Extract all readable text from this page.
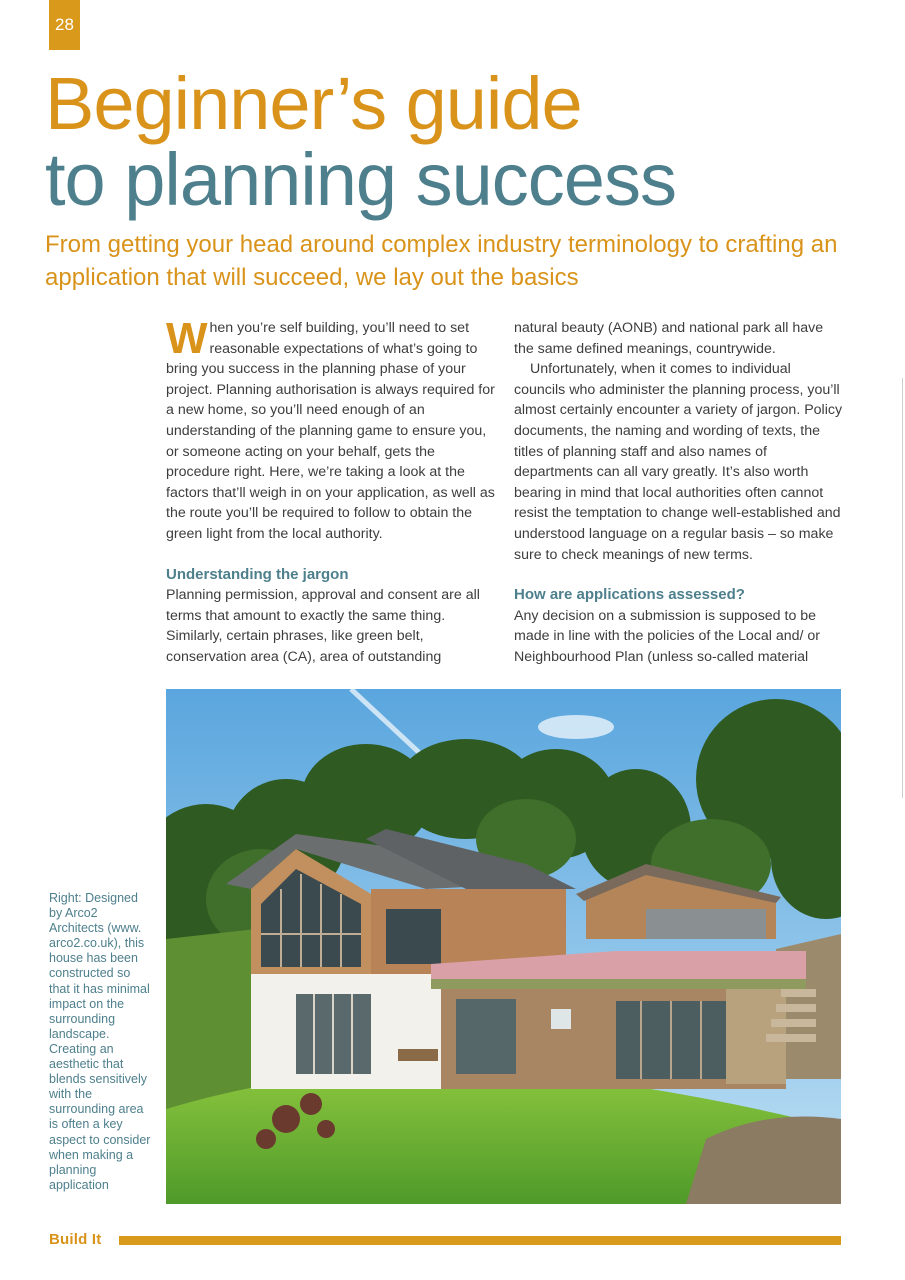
28
Beginner’s guide
to planning success

From getting your head around complex industry terminology to crafting an application that will succeed, we lay out the basics

When you’re self building, you’ll need to set reasonable expectations of what’s going to bring you success in the planning phase of your project. Planning authorisation is always required for a new home, so you’ll need enough of an understanding of the planning game to ensure you, or someone acting on your behalf, gets the procedure right. Here, we’re taking a look at the factors that’ll weigh in on your application, as well as the route you’ll be required to follow to obtain the green light from the local authority.

Understanding the jargon

Planning permission, approval and consent are all terms that amount to exactly the same thing. Similarly, certain phrases, like green belt, conservation area (CA), area of outstanding

natural beauty (AONB) and national park all have the same defined meanings, countrywide.

Unfortunately, when it comes to individual councils who administer the planning process, you’ll almost certainly encounter a variety of jargon. Policy documents, the naming and wording of texts, the titles of planning staff and also names of departments can all vary greatly. It’s also worth bearing in mind that local authorities often cannot resist the temptation to change well-established and understood language on a regular basis – so make sure to check meanings of new terms.

How are applications assessed?

Any decision on a submission is supposed to be made in line with the policies of the Local and/ or Neighbourhood Plan (unless so-called material

Right: Designed by Arco2 Architects (www. arco2.co.uk), this house has been constructed so that it has minimal impact on the surrounding landscape. Creating an aesthetic that blends sensitively with the surrounding area is often a key aspect to consider when making a planning application

Build It
